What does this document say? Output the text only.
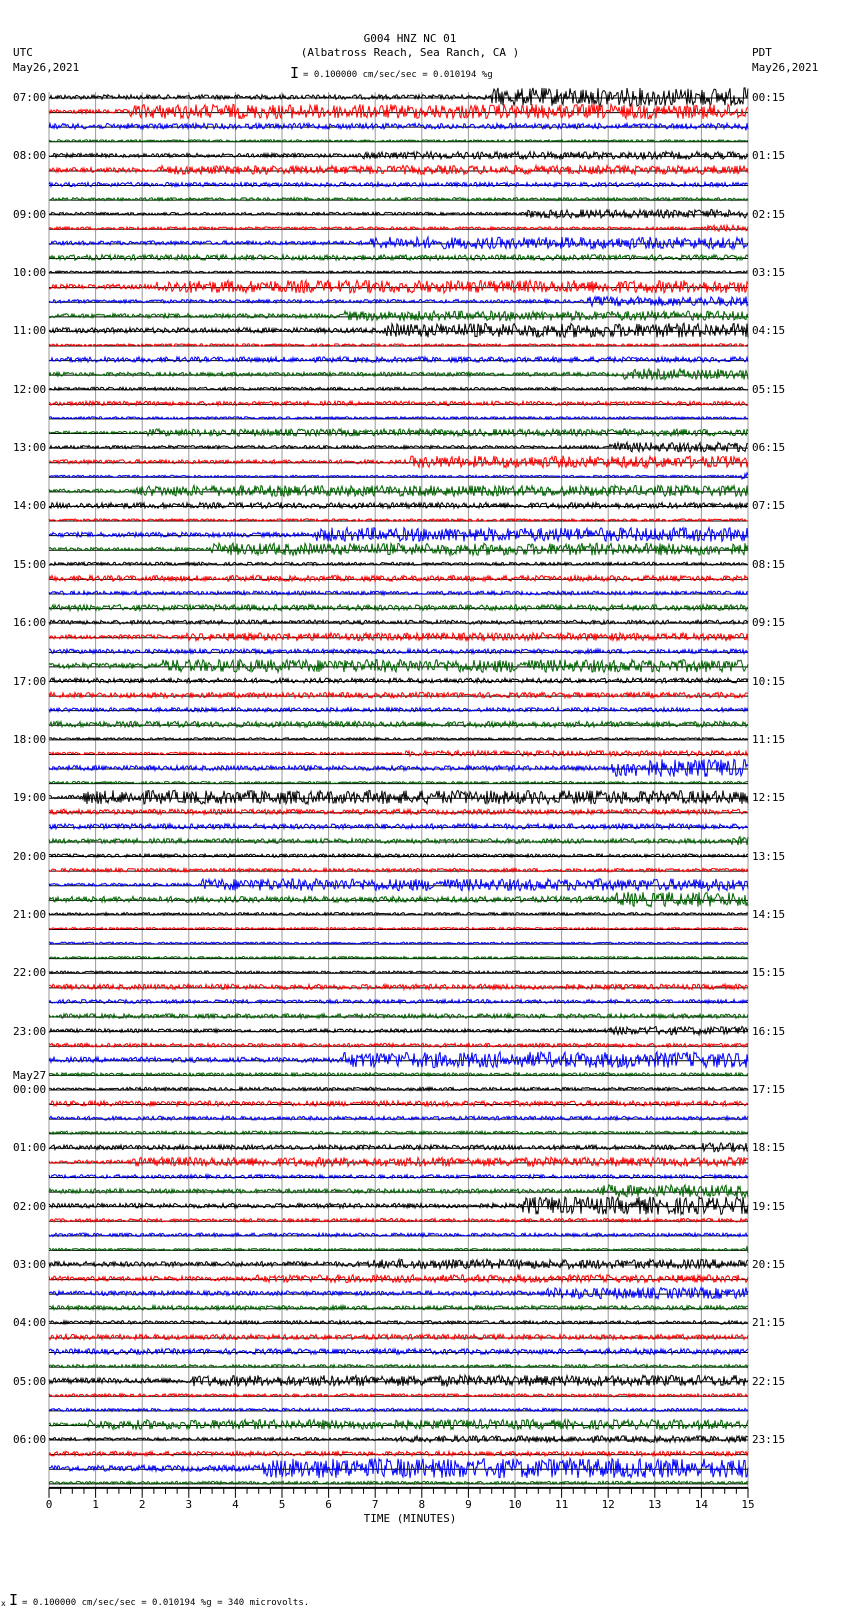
G004 HNZ NC 01
(Albatross Reach, Sea Ranch, CA )
UTC
May26,2021
PDT
May26,2021
I = 0.100000 cm/sec/sec = 0.010194 %g
TIME (MINUTES)
0	1	2	3	4	5	6	7	8	9	10	11	12	13	14	15
07:00
08:00
09:00
10:00
11:00
12:00
13:00
14:00
15:00
16:00
17:00
18:00
19:00
20:00
21:00
22:00
23:00
00:00
May27
01:00
02:00
03:00
04:00
05:00
06:00
00:15
01:15
02:15
03:15
04:15
05:15
06:15
07:15
08:15
09:15
10:15
11:15
12:15
13:15
14:15
15:15
16:15
17:15
18:15
19:15
20:15
21:15
22:15
23:15
x I = 0.100000 cm/sec/sec = 0.010194 %g = 340 microvolts.
